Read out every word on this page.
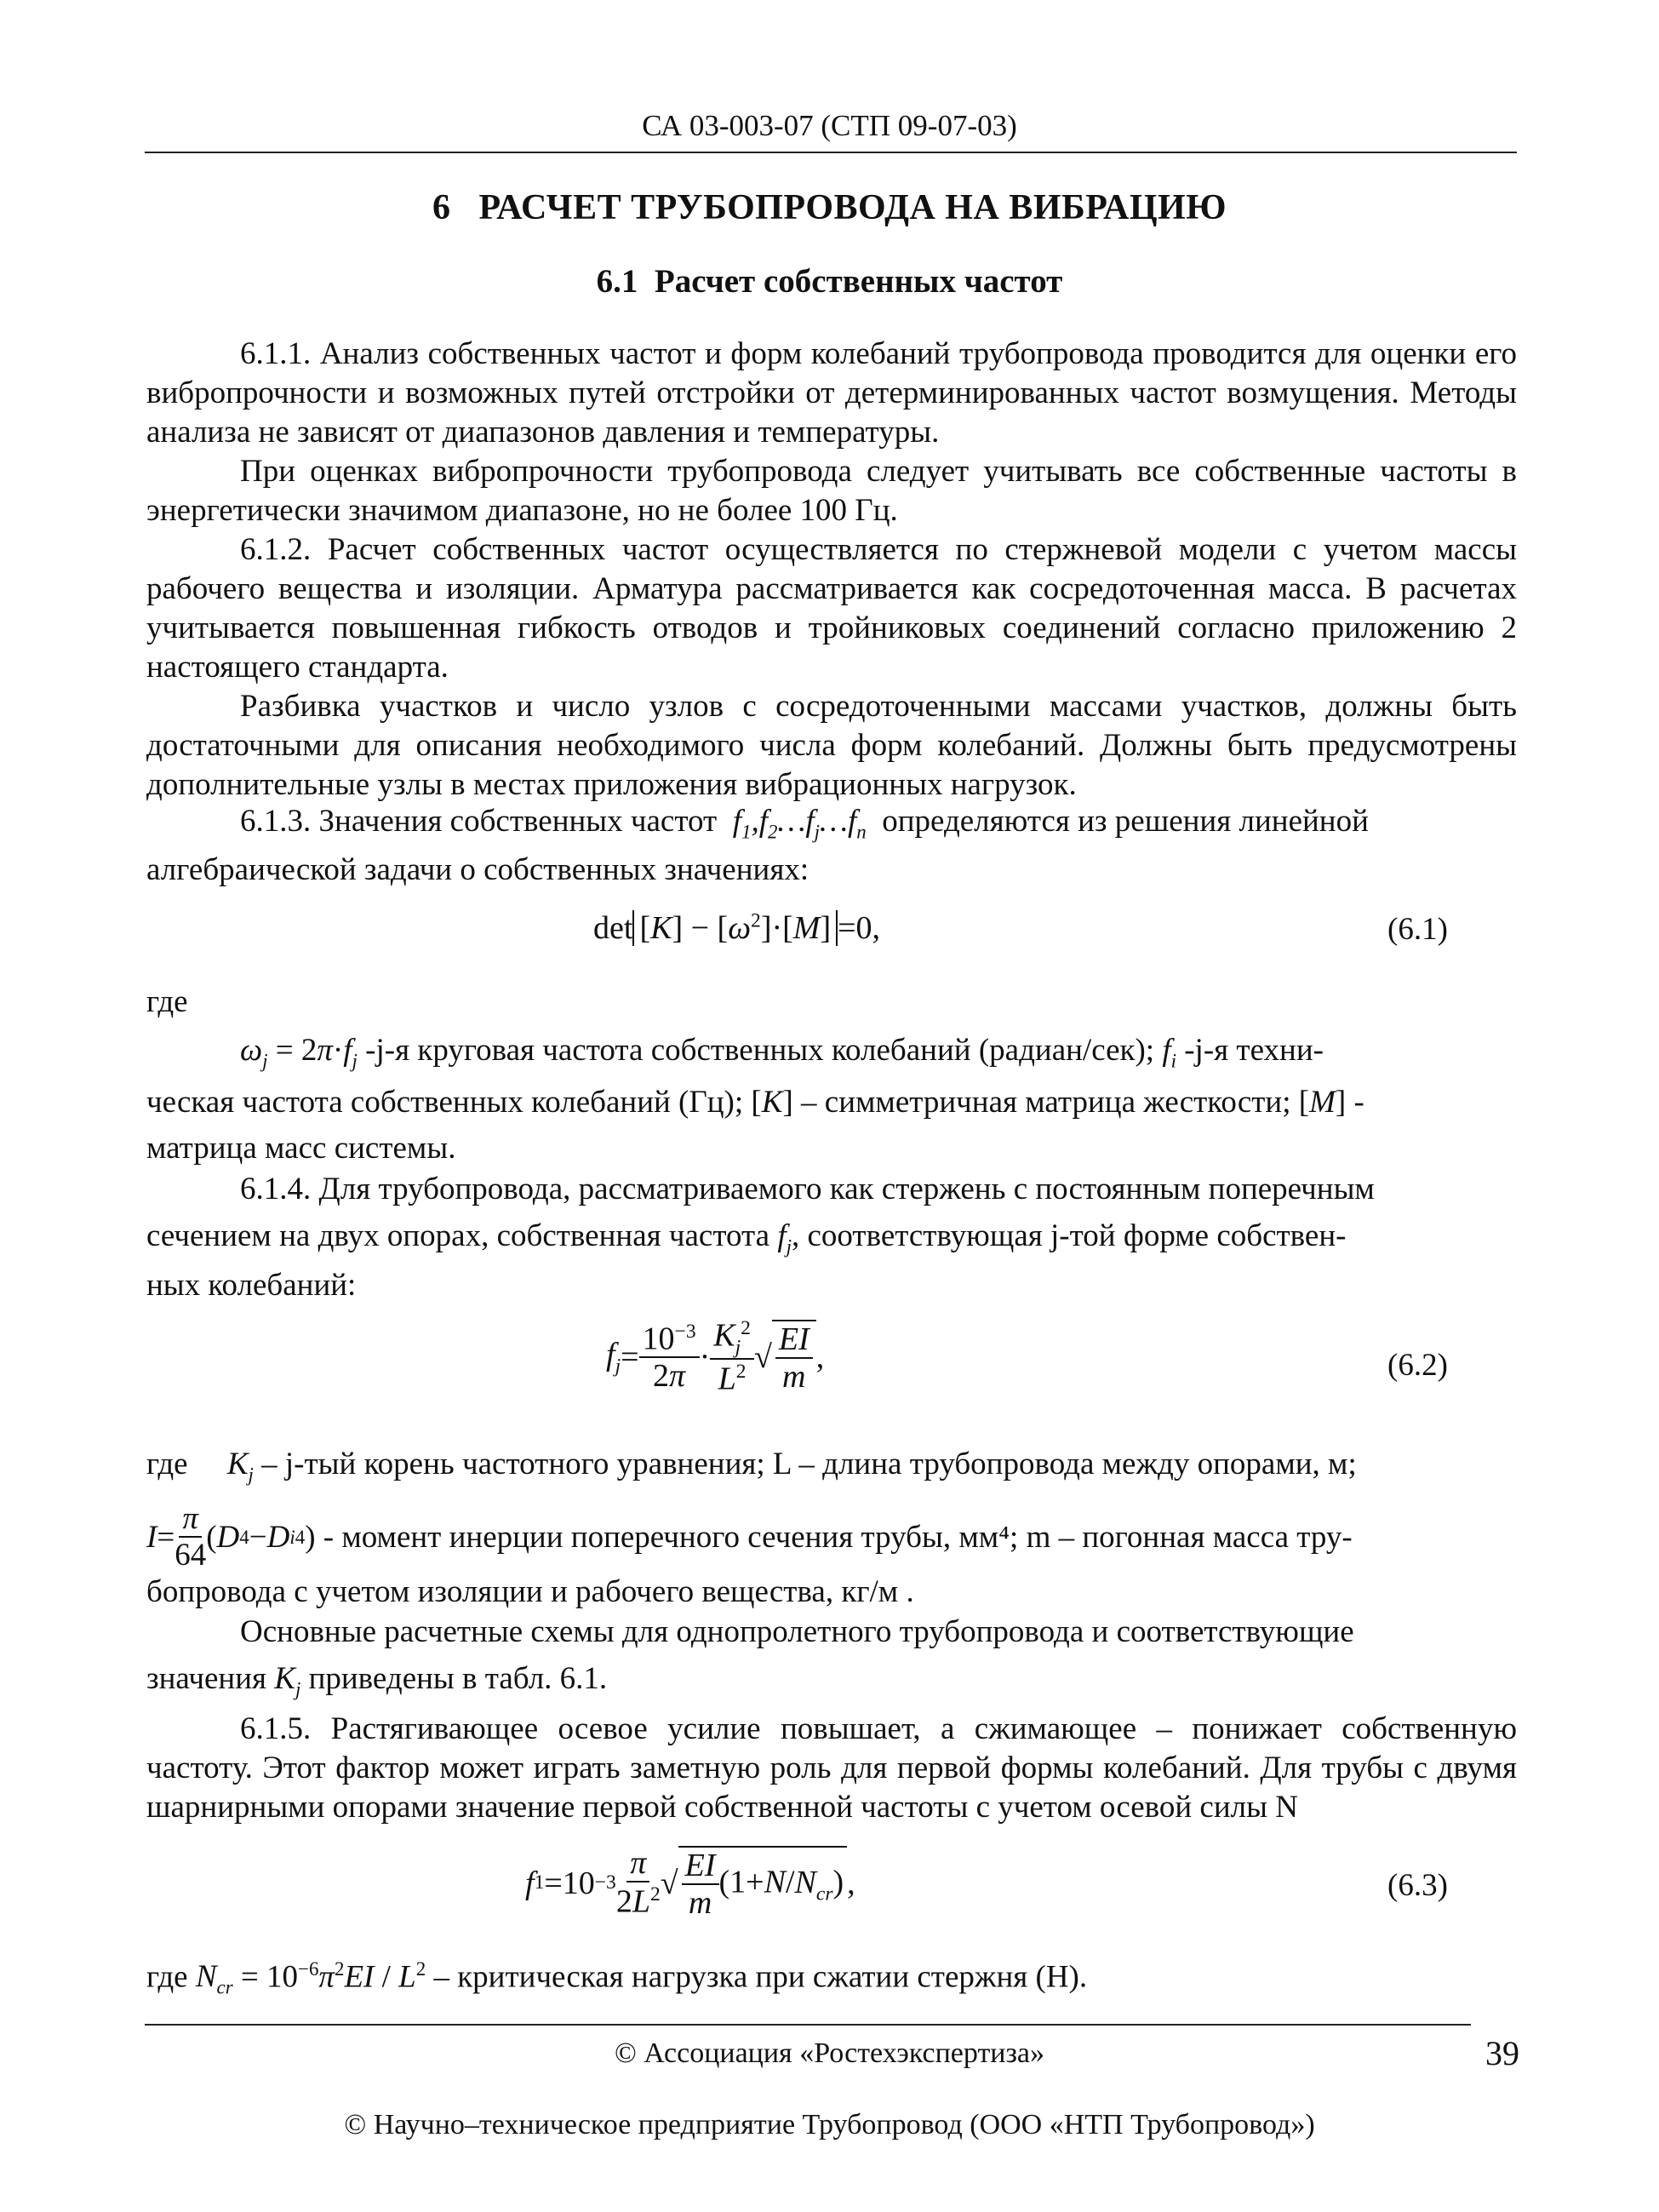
СА 03-003-07 (СТП 09-07-03)
6 РАСЧЕТ ТРУБОПРОВОДА НА ВИБРАЦИЮ
6.1 Расчет собственных частот
6.1.1. Анализ собственных частот и форм колебаний трубопровода проводится для оценки его вибропрочности и возможных путей отстройки от детерминированных частот возмущения. Методы анализа не зависят от диапазонов давления и температуры.
При оценках вибропрочности трубопровода следует учитывать все собственные частоты в энергетически значимом диапазоне, но не более 100 Гц.
6.1.2. Расчет собственных частот осуществляется по стержневой модели с учетом массы рабочего вещества и изоляции. Арматура рассматривается как сосредоточенная масса. В расчетах учитывается повышенная гибкость отводов и тройниковых соединений согласно приложению 2 настоящего стандарта.
Разбивка участков и число узлов с сосредоточенными массами участков, должны быть достаточными для описания необходимого числа форм колебаний. Должны быть предусмотрены дополнительные узлы в местах приложения вибрационных нагрузок.
6.1.3. Значения собственных частот $f_1,f_2\dots f_j\dots f_n$ определяются из решения линейной
алгебраической задачи о собственных значениях:
$\det [K] - [\omega^2]\cdot[M] =0$,	(6.1)
где
$\omega_j = 2\pi\cdot f_j$ -j-я круговая частота собственных колебаний (радиан/сек); $f_i$ -j-я техни-
ческая частота собственных колебаний (Гц); [K] – симметричная матрица жесткости; [M] -
матрица масс системы.
6.1.4. Для трубопровода, рассматриваемого как стержень с постоянным поперечным
сечением на двух опорах, собственная частота $f_j$, соответствующая j-той форме собствен-
ных колебаний:
$f_j = \frac{10^{-3}}{2\pi} \cdot \frac{K_j^2}{L^2}$ √ $\frac{EI}{m}$ ,	(6.2)
где $K_j - j-тый$ корень частотного уравнения; L – длина трубопровода между опорами, м;
$I = \frac{\pi}{64}$ ( D 4 − D i 4 ) - момент инерции поперечного сечения трубы, мм⁴; m – погонная масса тру-
бопровода с учетом изоляции и рабочего вещества, кг/м .
Основные расчетные схемы для однопролетного трубопровода и соответствующие
значения $K_j$ приведены в табл. 6.1.
6.1.5. Растягивающее осевое усилие повышает, а сжимающее – понижает собственную частоту. Этот фактор может играть заметную роль для первой формы колебаний. Для трубы с двумя шарнирными опорами значение первой собственной частоты с учетом осевой силы N
f $1 =10 -3 \frac{\pi}{2L^2}$ √ $\frac{EI}{m} (1+N/N_{cr})$ ,	(6.3)
где $N_{cr} = 10^{-6}\pi^2EI / L^2$ – критическая нагрузка при сжатии стержня (Н).
© Ассоциация «Ростехэкспертиза»	39
© Научно–техническое предприятие Трубопровод (ООО «НТП Трубопровод»)
